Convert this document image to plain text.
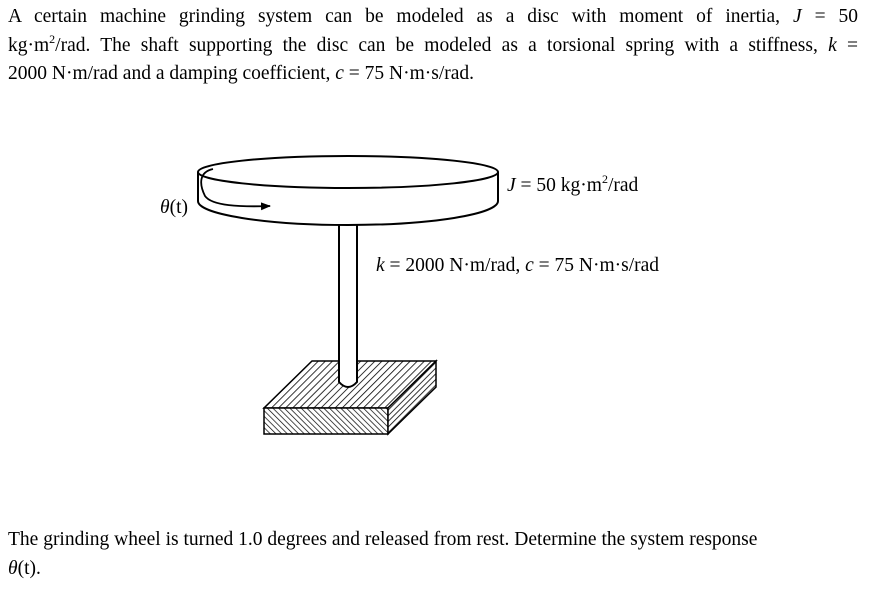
A certain machine grinding system can be modeled as a disc with moment of inertia, J = 50
$kg\cdot m^2$/rad. The shaft supporting the disc can be modeled as a torsional spring with a stiffness, k =
2000 N·m/rad and a damping coefficient, c = 75 N·m·s/rad.
θ(t)
J = 50 $kg\cdot m^2$/rad
k = 2000 N·m/rad, c = 75 N·m·s/rad
The grinding wheel is turned 1.0 degrees and released from rest. Determine the system response
θ(t).
